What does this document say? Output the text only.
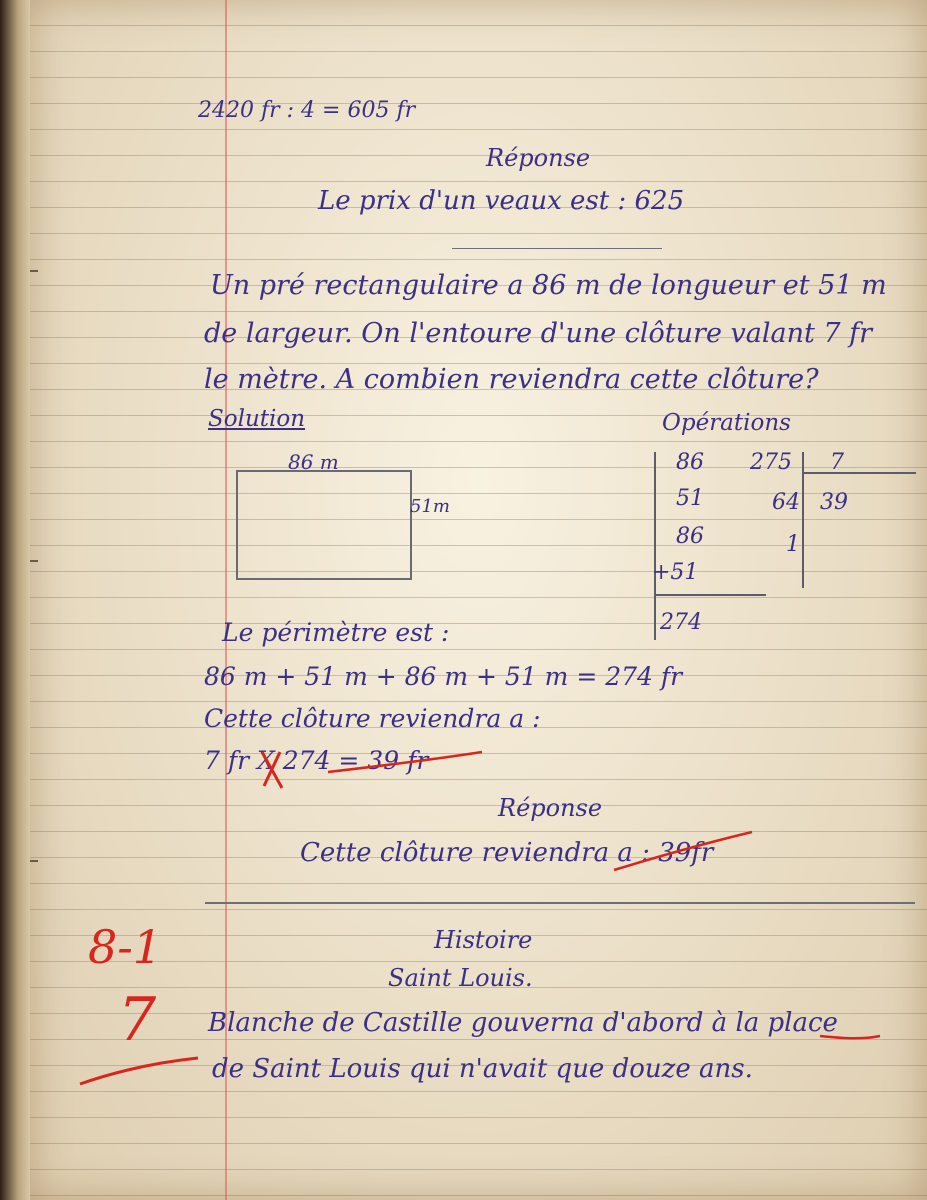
2420 fr : 4 = 605 fr
Réponse
Le prix d'un veaux est : 625
Un pré rectangulaire a 86 m de longueur et 51 m
de largeur. On l'entoure d'une clôture valant 7 fr
le mètre. A combien reviendra cette clôture?
Solution	Opérations
86 m
51m
86
51
86
+51
274
275 7
64 39
1
Le périmètre est :
86 m + 51 m + 86 m + 51 m = 274 fr
Cette clôture reviendra a :
7 fr X 274 = 39 fr
Réponse
Cette clôture reviendra a : 39fr
8-1
7
Histoire
Saint Louis.
Blanche de Castille gouverna d'abord à la place
de Saint Louis qui n'avait que douze ans.
